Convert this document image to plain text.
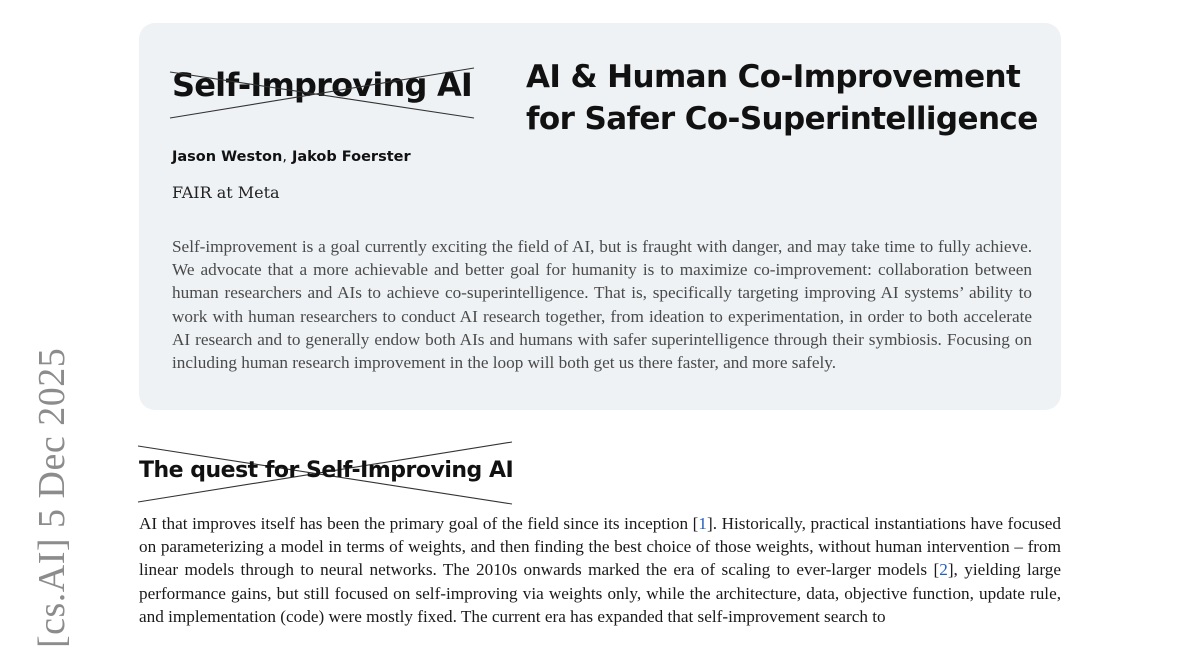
[cs.AI] 5 Dec 2025
Self-Improving AI AI & Human Co-Improvement
for Safer Co-Superintelligence
Jason Weston, Jakob Foerster
FAIR at Meta
Self-improvement is a goal currently exciting the field of AI, but is fraught with danger, and may take time to fully achieve. We advocate that a more achievable and better goal for humanity is to maximize co-improvement: collaboration between human researchers and AIs to achieve co-superintelligence. That is, specifically targeting improving AI systems’ ability to work with human researchers to conduct AI research together, from ideation to experimentation, in order to both accelerate AI research and to generally endow both AIs and humans with safer superintelligence through their symbiosis. Focusing on including human research improvement in the loop will both get us there faster, and more safely.
The quest for Self-Improving AI
AI that improves itself has been the primary goal of the field since its inception [1]. Historically, practical instantiations have focused on parameterizing a model in terms of weights, and then finding the best choice of those weights, without human intervention – from linear models through to neural networks. The 2010s onwards marked the era of scaling to ever-larger models [2], yielding large performance gains, but still focused on self-improving via weights only, while the architecture, data, objective function, update rule, and implementation (code) were mostly fixed. The current era has expanded that self-improvement search to
